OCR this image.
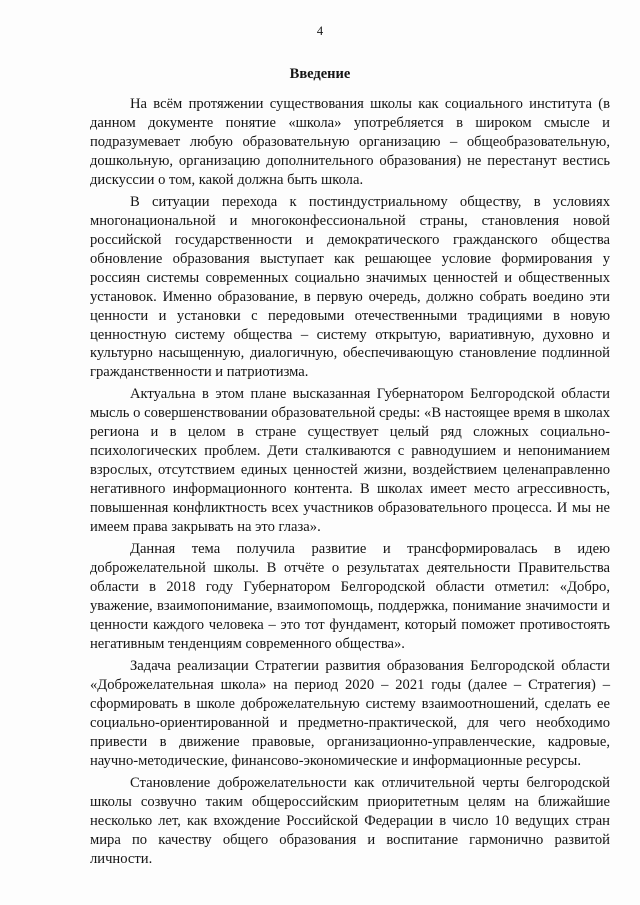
4
Введение

На всём протяжении существования школы как социального института (в данном документе понятие «школа» употребляется в широком смысле и подразумевает любую образовательную организацию – общеобразовательную, дошкольную, организацию дополнительного образования) не перестанут вестись дискуссии о том, какой должна быть школа.

В ситуации перехода к постиндустриальному обществу, в условиях многонациональной и многоконфессиональной страны, становления новой российской государственности и демократического гражданского общества обновление образования выступает как решающее условие формирования у россиян системы современных социально значимых ценностей и общественных установок. Именно образование, в первую очередь, должно собрать воедино эти ценности и установки с передовыми отечественными традициями в новую ценностную систему общества – систему открытую, вариативную, духовно и культурно насыщенную, диалогичную, обеспечивающую становление подлинной гражданственности и патриотизма.

Актуальна в этом плане высказанная Губернатором Белгородской области мысль о совершенствовании образовательной среды: «В настоящее время в школах региона и в целом в стране существует целый ряд сложных социально-психологических проблем. Дети сталкиваются с равнодушием и непониманием взрослых, отсутствием единых ценностей жизни, воздействием целенаправленно негативного информационного контента. В школах имеет место агрессивность, повышенная конфликтность всех участников образовательного процесса. И мы не имеем права закрывать на это глаза».

Данная тема получила развитие и трансформировалась в идею доброжелательной школы. В отчёте о результатах деятельности Правительства области в 2018 году Губернатором Белгородской области отметил: «Добро, уважение, взаимопонимание, взаимопомощь, поддержка, понимание значимости и ценности каждого человека – это тот фундамент, который поможет противостоять негативным тенденциям современного общества».

Задача реализации Стратегии развития образования Белгородской области «Доброжелательная школа» на период 2020 – 2021 годы (далее – Стратегия) – сформировать в школе доброжелательную систему взаимоотношений, сделать ее социально-ориентированной и предметно-практической, для чего необходимо привести в движение правовые, организационно-управленческие, кадровые, научно-методические, финансово-экономические и информационные ресурсы.

Становление доброжелательности как отличительной черты белгородской школы созвучно таким общероссийским приоритетным целям на ближайшие несколько лет, как вхождение Российской Федерации в число 10 ведущих стран мира по качеству общего образования и воспитание гармонично развитой личности.
